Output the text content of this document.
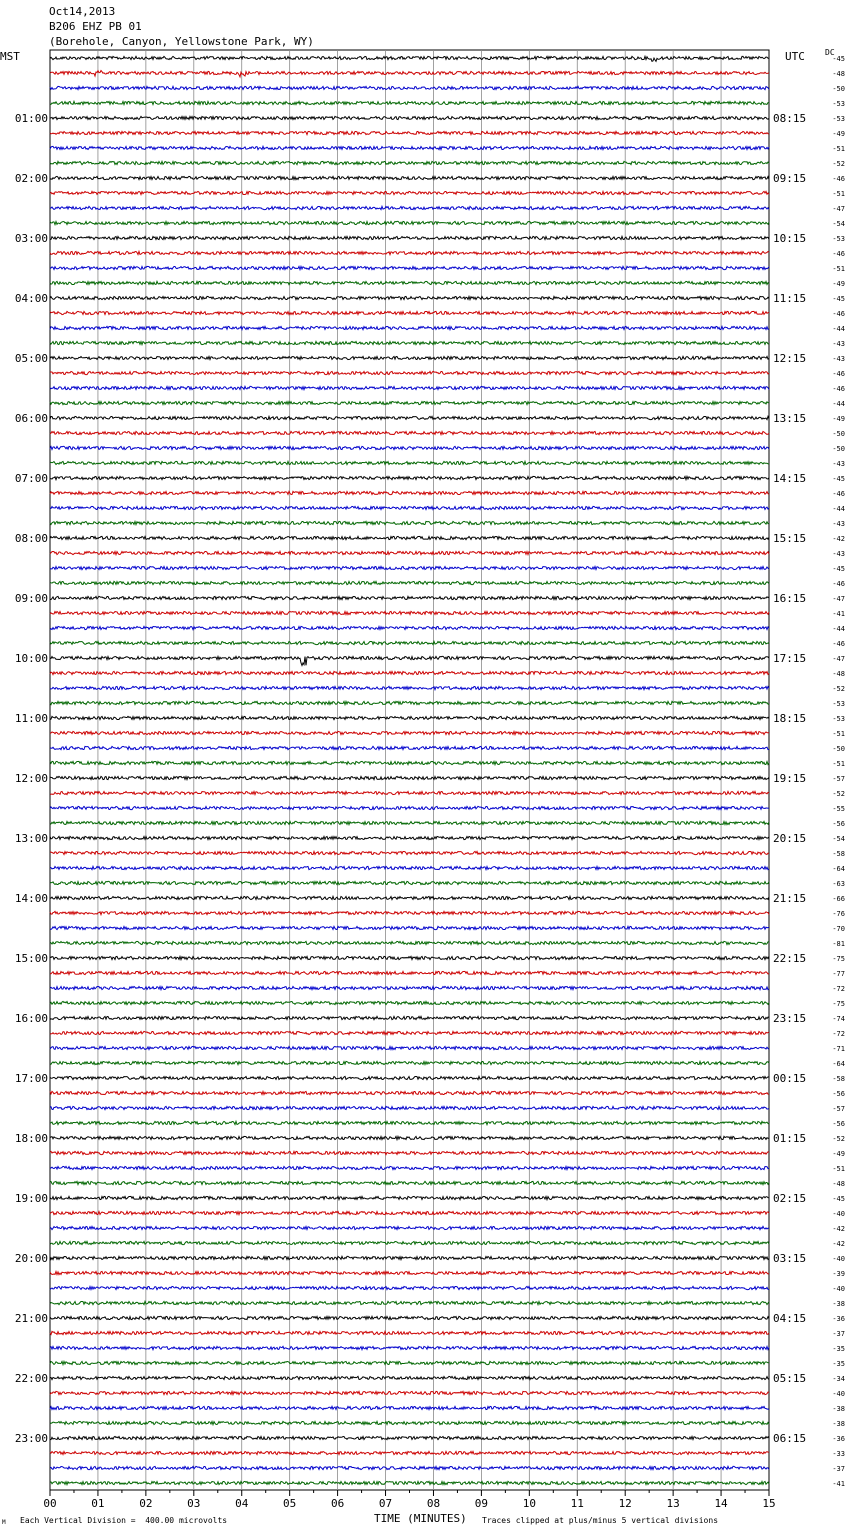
Oct14,2013
B206 EHZ PB 01
(Borehole, Canyon, Yellowstone Park, WY)
MST	UTC	DC
00	01	02	03	04	05	06	07	08	09	10	11	12	13	14	15
-45
-48
-50
-53
-53
-49
-51
-52
-46
-51
-47
-54
-53
-46
-51
-49
-45
-46
-44
-43
-43
-46
-46
-44
-49
-50
-50
-43
-45
-46
-44
-43
-42
-43
-45
-46
-47
-41
-44
-46
-47
-48
-52
-53
-53
-51
-50
-51
-57
-52
-55
-56
-54
-58
-64
-63
-66
-76
-70
-81
-75
-77
-72
-75
-74
-72
-71
-64
-58
-56
-57
-56
-52
-49
-51
-48
-45
-40
-42
-42
-40
-39
-40
-38
-36
-37
-35
-35
-34
-40
-38
-38
-36
-33
-37
-41
01:00	08:15
02:00	09:15
03:00	10:15
04:00	11:15
05:00	12:15
06:00	13:15
07:00	14:15
08:00	15:15
09:00	16:15
10:00	17:15
11:00	18:15
12:00	19:15
13:00	20:15
14:00	21:15
15:00	22:15
16:00	23:15
17:00	00:15
18:00	01:15
19:00	02:15
20:00	03:15
21:00	04:15
22:00	05:15
23:00	06:15
TIME (MINUTES)
Each Vertical Division =  400.00 microvolts	Traces clipped at plus/minus 5 vertical divisions
M
